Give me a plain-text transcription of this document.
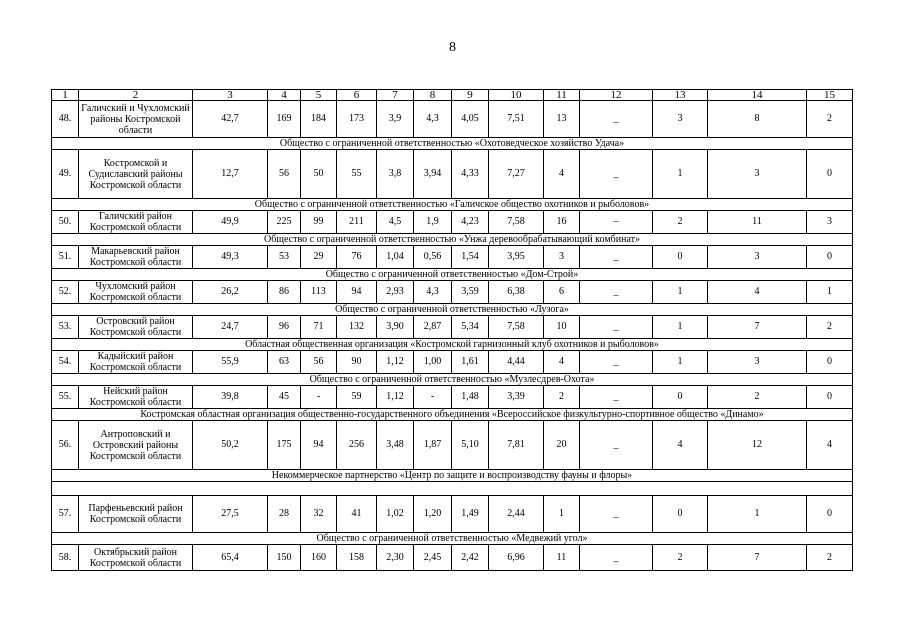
8
1	2	3	4	5	6	7	8	9	10	11	12	13	14	15
48.	Галичский и Чухломский районы Костромской области	42,7	169	184	173	3,9	4,3	4,05	7,51	13	_	3	8	2
Общество с ограниченной ответственностью «Охотоведческое хозяйство Удача»														
49.	Костромской и Судиславский районы Костромской области	12,7	56	50	55	3,8	3,94	4,33	7,27	4	_	1	3	0
Общество с ограниченной ответственностью «Галичское общество охотников и рыболовов»														
50.	Галичский район Костромской области	49,9	225	99	211	4,5	1,9	4,23	7,58	16	–	2	11	3
Общество с ограниченной ответственностью «Унжа деревообрабатывающий комбинат»														
51.	Макарьевский район Костромской области	49,3	53	29	76	1,04	0,56	1,54	3,95	3	_	0	3	0
Общество с ограниченной ответственностью «Дом-Строй»														
52.	Чухломский район Костромской области	26,2	86	113	94	2,93	4,3	3,59	6,38	6	_	1	4	1
Общество с ограниченной ответственностью «Лузога»														
53.	Островский район Костромской области	24,7	96	71	132	3,90	2,87	5,34	7,58	10	_	1	7	2
Областная общественная организация «Костромской гарнизонный клуб охотников и рыболовов»														
54.	Кадыйский район Костромской области	55,9	63	56	90	1,12	1,00	1,61	4,44	4	_	1	3	0
Общество с ограниченной ответственностью «Музлесдрев-Охота»														
55.	Нейский район Костромской области	39,8	45	-	59	1,12	-	1,48	3,39	2	_	0	2	0
Костромская областная организация общественно-государственного объединения «Всероссийское физкультурно-спортивное общество «Динамо»														
56.	Антроповский и Островский районы Костромской области	50,2	175	94	256	3,48	1,87	5,10	7,81	20	_	4	12	4
Некоммерческое партнерство «Центр по защите и воспроизводству фауны и флоры»														

57.	Парфеньевский район Костромской области	27,5	28	32	41	1,02	1,20	1,49	2,44	1	_	0	1	0
Общество с ограниченной ответственностью «Медвежий угол»														
58.	Октябрьский район Костромской области	65,4	150	160	158	2,30	2,45	2,42	6,96	11	_	2	7	2
